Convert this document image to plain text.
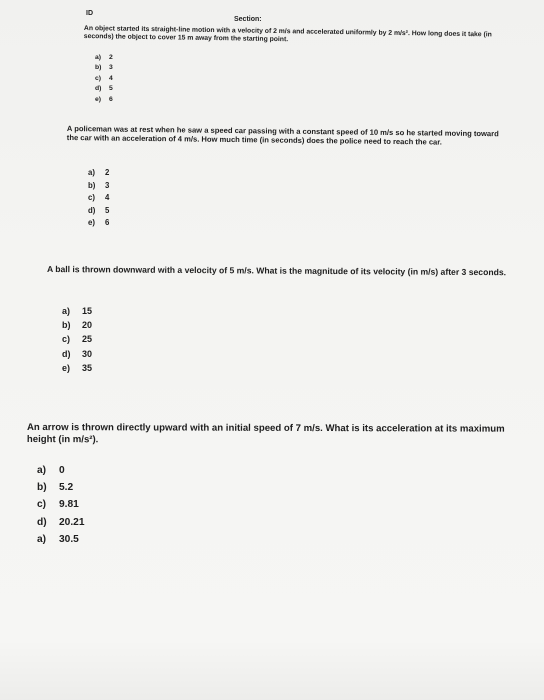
ID
Section:
An object started its straight-line motion with a velocity of 2 m/s and accelerated uniformly by 2 m/s². How long does it take (in seconds) the object to cover 15 m away from the starting point.
a) 2
b) 3
c) 4
d) 5
e) 6
A policeman was at rest when he saw a speed car passing with a constant speed of 10 m/s so he started moving toward the car with an acceleration of 4 m/s. How much time (in seconds) does the police need to reach the car.
a) 2
b) 3
c) 4
d) 5
e) 6
A ball is thrown downward with a velocity of 5 m/s. What is the magnitude of its velocity (in m/s) after 3 seconds.
a) 15
b) 20
c) 25
d) 30
e) 35
An arrow is thrown directly upward with an initial speed of 7 m/s. What is its acceleration at its maximum height (in m/s²).
a) 0
b) 5.2
c) 9.81
d) 20.21
a) 30.5
